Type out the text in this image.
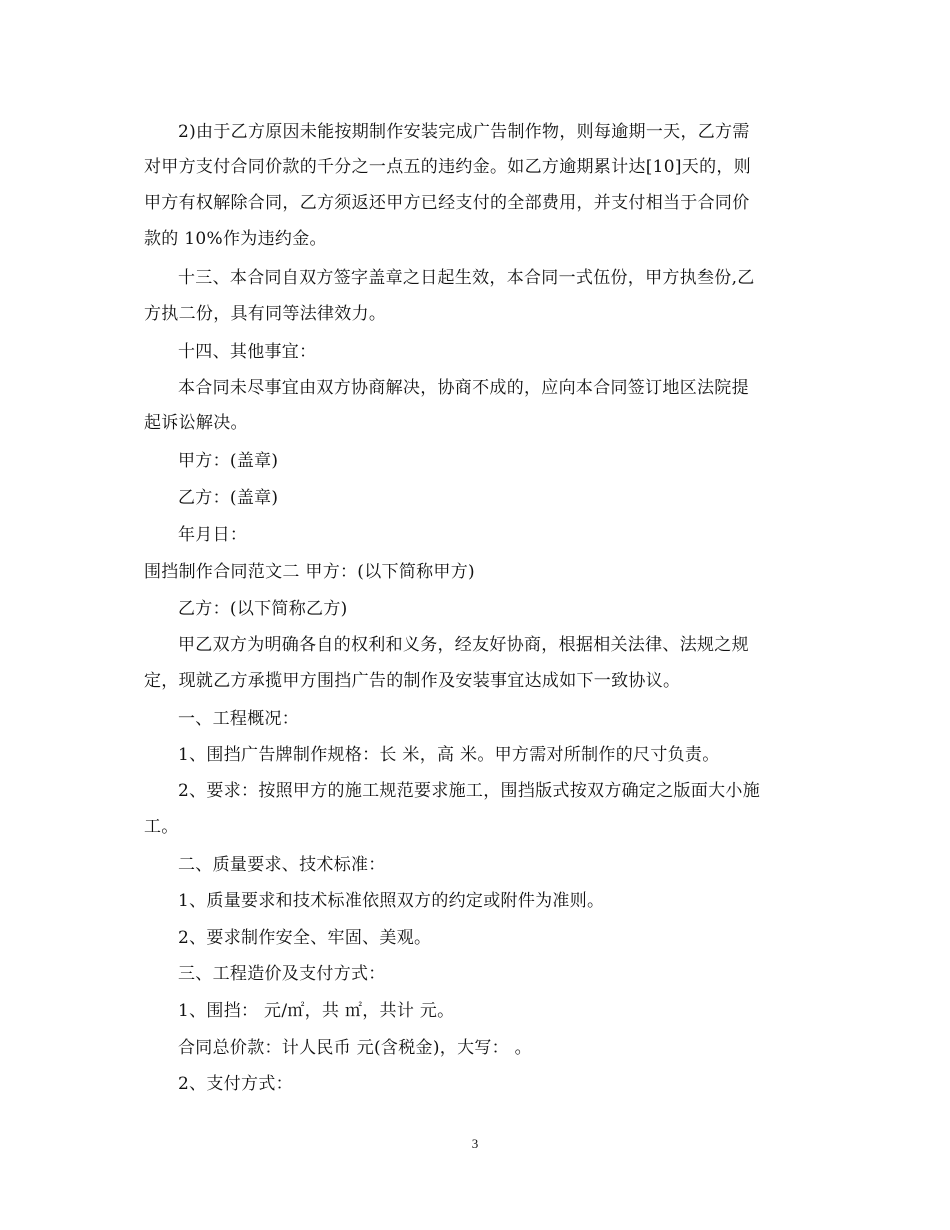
2)由于乙方原因未能按期制作安装完成广告制作物，则每逾期一天，乙方需
对甲方支付合同价款的千分之一点五的违约金。如乙方逾期累计达[10]天的，则
甲方有权解除合同，乙方须返还甲方已经支付的全部费用，并支付相当于合同价
款的 10%作为违约金。
十三、本合同自双方签字盖章之日起生效，本合同一式伍份，甲方执叁份,乙
方执二份，具有同等法律效力。
十四、其他事宜：
本合同未尽事宜由双方协商解决，协商不成的，应向本合同签订地区法院提
起诉讼解决。
甲方：(盖章)
乙方：(盖章)
年月日：
围挡制作合同范文二 甲方：(以下简称甲方)
乙方：(以下简称乙方)
甲乙双方为明确各自的权利和义务，经友好协商，根据相关法律、法规之规
定，现就乙方承揽甲方围挡广告的制作及安装事宜达成如下一致协议。
一、工程概况：
1、围挡广告牌制作规格：长 米，高 米。甲方需对所制作的尺寸负责。
2、要求：按照甲方的施工规范要求施工，围挡版式按双方确定之版面大小施
工。
二、质量要求、技术标准：
1、质量要求和技术标准依照双方的约定或附件为准则。
2、要求制作安全、牢固、美观。
三、工程造价及支付方式：
1、围挡： 元/㎡，共 ㎡，共计 元。
合同总价款：计人民币 元(含税金)，大写： 。
2、支付方式：
3
